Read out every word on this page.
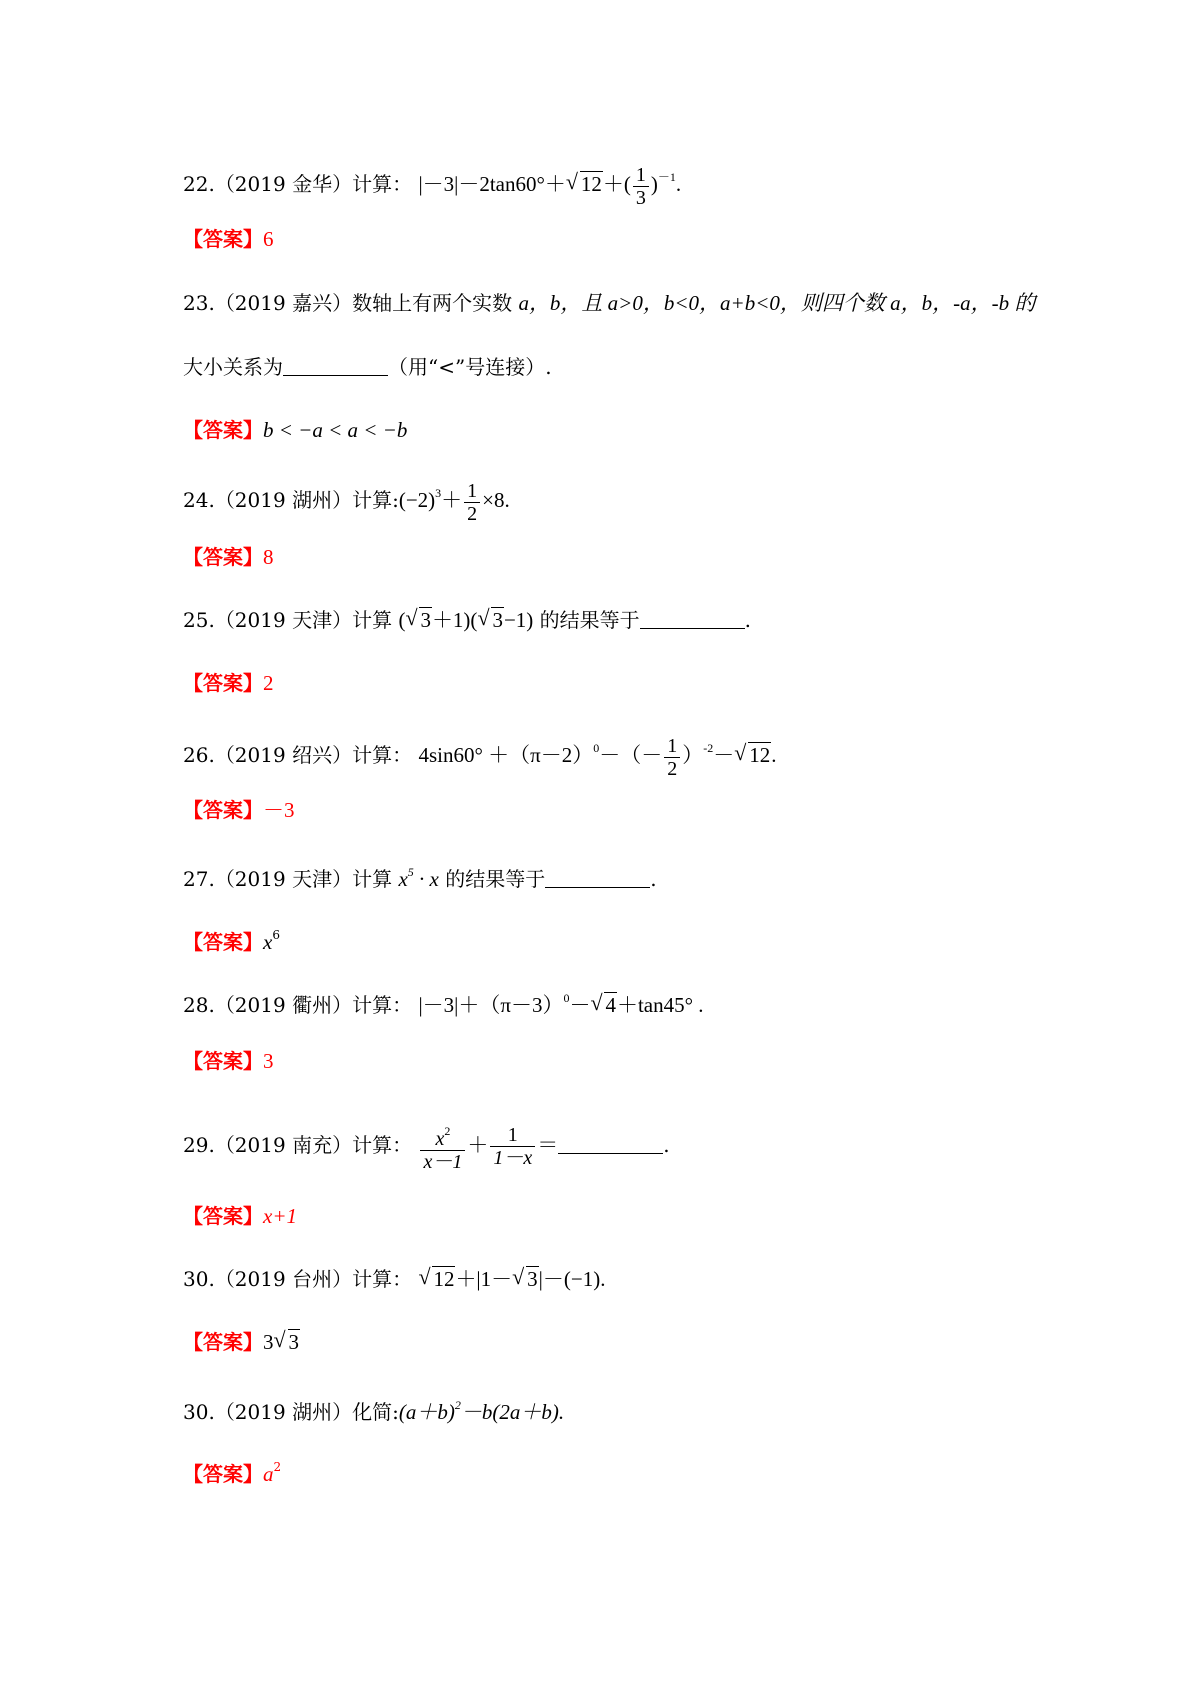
22.（2019 金华）计算： |－3|－2tan60°＋√ $12+( \frac{1}{3} )^{-1}$.
【答案】6
23.（2019 嘉兴）数轴上有两个实数 a，b，且 a>0，b<0，a+b<0，则四个数 a，b，-a，-b 的
大小关系为	（用“<”号连接）.
【答案】b < −a < a < −b
24.（2019 湖州）计算$:(-2)^3+ \frac{1}{2} \times 8$.
【答案】8
25.（2019 天津）计算 (√ 3＋1)(√ 3−1) 的结果等于	.
【答案】2
26.（2019 绍兴）计算： $4\sin 60^\circ +(\pi-2)^0-(- \frac{1}{2} )^{-2}-√$ 12.
【答案】－3
27.（2019 天津）计算 $x^5 \cdot x$ 的结果等于	.
【答案】$x^6$
28.（2019 衢州）计算： $|-3|+(\pi-3)^0-√$ 4＋tan45° .
【答案】3
29.（2019 南充）计算： $\frac{x^2}{x-1} + \frac{1}{1-x}$ ＝	.
【答案】x+1
30.（2019 台州）计算： √ 12＋|1－√ 3|－(−1).
【答案】3√ 3
30.（2019 湖州）化简$:(a+b)^2-b(2a+b)$.
【答案】$a^2$
